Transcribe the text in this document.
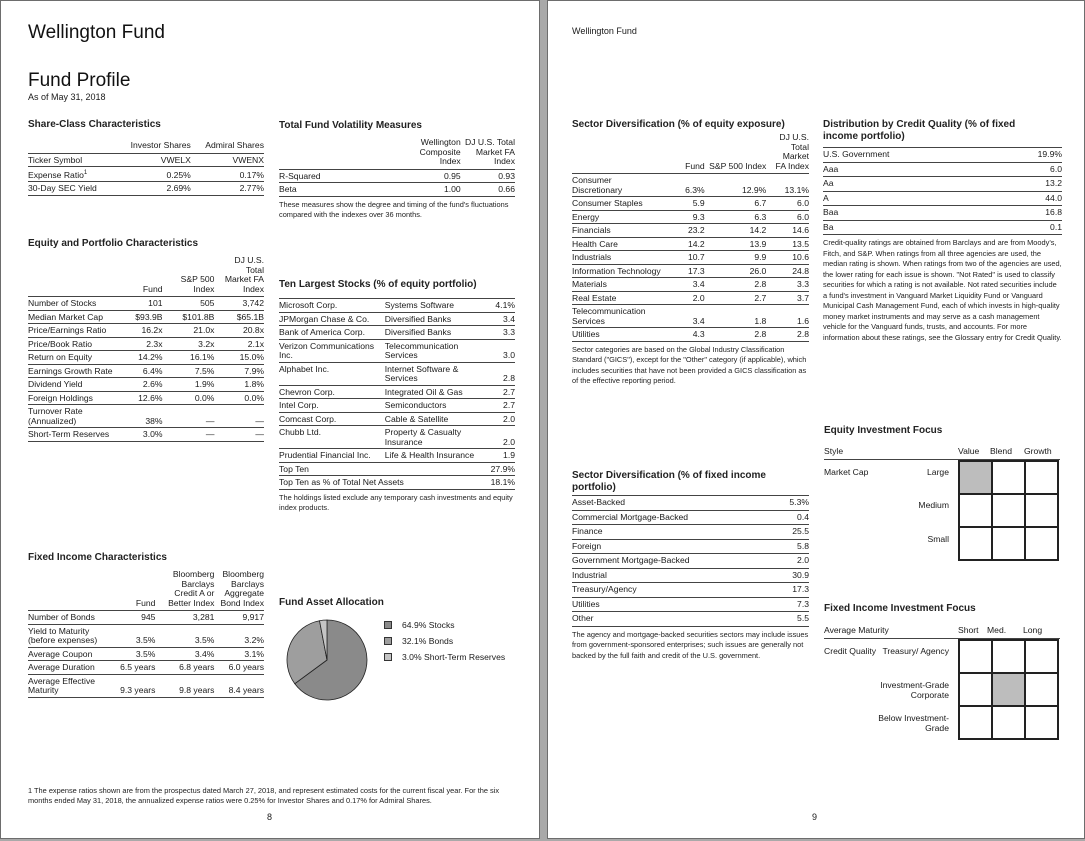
Wellington Fund
Fund Profile
As of May 31, 2018
Share-Class Characteristics
	Investor Shares	Admiral Shares
Ticker Symbol	VWELX	VWENX
Expense Ratio$^1$	0.25%	0.17%
30-Day SEC Yield	2.69%	2.77%
Equity and Portfolio Characteristics
	Fund	S&P 500 Index	DJ U.S. Total Market FA Index
Number of Stocks	101	505	3,742
Median Market Cap	$93.9B	$101.8B	$65.1B
Price/Earnings Ratio	16.2x	21.0x	20.8x
Price/Book Ratio	2.3x	3.2x	2.1x
Return on Equity	14.2%	16.1%	15.0%
Earnings Growth Rate	6.4%	7.5%	7.9%
Dividend Yield	2.6%	1.9%	1.8%
Foreign Holdings	12.6%	0.0%	0.0%
Turnover Rate (Annualized)	38%	—	—
Short-Term Reserves	3.0%	—	—
Fixed Income Characteristics
	Fund	Bloomberg Barclays Credit A or Better Index	Bloomberg Barclays Aggregate Bond Index
Number of Bonds	945	3,281	9,917
Yield to Maturity (before expenses)	3.5%	3.5%	3.2%
Average Coupon	3.5%	3.4%	3.1%
Average Duration	6.5 years	6.8 years	6.0 years
Average Effective Maturity	9.3 years	9.8 years	8.4 years
Total Fund Volatility Measures
	Wellington Composite Index	DJ U.S. Total Market FA Index
R-Squared	0.95	0.93
Beta	1.00	0.66
These measures show the degree and timing of the fund's fluctuations compared with the indexes over 36 months.
Ten Largest Stocks (% of equity portfolio)
Microsoft Corp.	Systems Software	4.1%
JPMorgan Chase & Co.	Diversified Banks	3.4
Bank of America Corp.	Diversified Banks	3.3
Verizon Communications Inc.	Telecommunication Services	3.0
Alphabet Inc.	Internet Software & Services	2.8
Chevron Corp.	Integrated Oil & Gas	2.7
Intel Corp.	Semiconductors	2.7
Comcast Corp.	Cable & Satellite	2.0
Chubb Ltd.	Property & Casualty Insurance	2.0
Prudential Financial Inc.	Life & Health Insurance	1.9
Top Ten		27.9%
Top Ten as % of Total Net Assets		18.1%
The holdings listed exclude any temporary cash investments and equity index products.
Fund Asset Allocation
64.9% Stocks
32.1% Bonds
3.0% Short-Term Reserves
1 The expense ratios shown are from the prospectus dated March 27, 2018, and represent estimated costs for the current fiscal year. For the six months ended May 31, 2018, the annualized expense ratios were 0.25% for Investor Shares and 0.17% for Admiral Shares.
8
Wellington Fund
Sector Diversification (% of equity exposure)
	Fund	S&P 500 Index	DJ U.S. Total Market FA Index
Consumer Discretionary	6.3%	12.9%	13.1%
Consumer Staples	5.9	6.7	6.0
Energy	9.3	6.3	6.0
Financials	23.2	14.2	14.6
Health Care	14.2	13.9	13.5
Industrials	10.7	9.9	10.6
Information Technology	17.3	26.0	24.8
Materials	3.4	2.8	3.3
Real Estate	2.0	2.7	3.7
Telecommunication Services	3.4	1.8	1.6
Utilities	4.3	2.8	2.8
Sector categories are based on the Global Industry Classification Standard ("GICS"), except for the "Other" category (if applicable), which includes securities that have not been provided a GICS classification as of the effective reporting period.
Sector Diversification (% of fixed income portfolio)
Asset-Backed	5.3%
Commercial Mortgage-Backed	0.4
Finance	25.5
Foreign	5.8
Government Mortgage-Backed	2.0
Industrial	30.9
Treasury/Agency	17.3
Utilities	7.3
Other	5.5
The agency and mortgage-backed securities sectors may include issues from government-sponsored enterprises; such issues are generally not backed by the full faith and credit of the U.S. government.
Distribution by Credit Quality (% of fixed income portfolio)
U.S. Government	19.9%
Aaa	6.0
Aa	13.2
A	44.0
Baa	16.8
Ba	0.1
Credit-quality ratings are obtained from Barclays and are from Moody's, Fitch, and S&P. When ratings from all three agencies are used, the median rating is shown. When ratings from two of the agencies are used, the lower rating for each issue is shown. "Not Rated" is used to classify securities for which a rating is not available. Not rated securities include a fund's investment in Vanguard Market Liquidity Fund or Vanguard Municipal Cash Management Fund, each of which invests in high-quality money market instruments and may serve as a cash management vehicle for the Vanguard funds, trusts, and accounts. For more information about these ratings, see the Glossary entry for Credit Quality.
Equity Investment Focus
Style	Value Blend Growth
Market Cap	Large
Medium
Small
Fixed Income Investment Focus
Average Maturity	Short Med. Long
Credit Quality Treasury/ Agency
Investment-Grade Corporate
Below Investment-Grade
9
